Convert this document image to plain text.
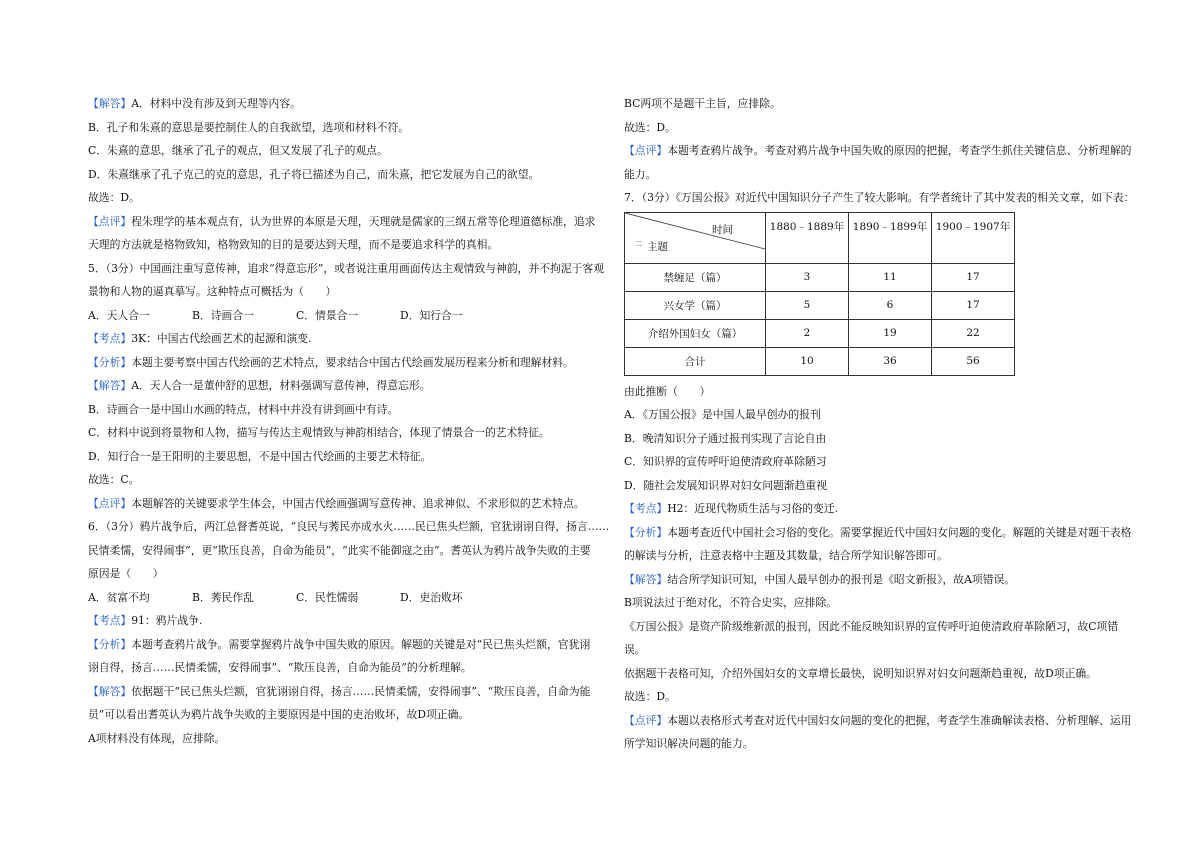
【解答】A．材料中没有涉及到天理等内容。
B．孔子和朱熹的意思是要控制住人的自我欲望，选项和材料不符。
C．朱熹的意思，继承了孔子的观点，但又发展了孔子的观点。
D．朱熹继承了孔子克己的克的意思，孔子将已描述为自己，而朱熹，把它发展为自己的欲望。
故选：D。
【点评】程朱理学的基本观点有，认为世界的本原是天理，天理就是儒家的三纲五常等伦理道德标准，追求
天理的方法就是格物致知，格物致知的目的是要达到天理，而不是要追求科学的真相。
5．（3分）中国画注重写意传神，追求“得意忘形”，或者说注重用画面传达主观情致与神韵，并不拘泥于客观
景物和人物的逼真摹写。这种特点可概括为（　　）
A．天人合一	B．诗画合一	C．情景合一	D．知行合一
【考点】3K：中国古代绘画艺术的起源和演变.
【分析】本题主要考察中国古代绘画的艺术特点，要求结合中国古代绘画发展历程来分析和理解材料。
【解答】A．天人合一是董仲舒的思想，材料强调写意传神，得意忘形。
B．诗画合一是中国山水画的特点，材料中并没有讲到画中有诗。
C．材料中说到将景物和人物，描写与传达主观情致与神韵相结合，体现了情景合一的艺术特征。
D．知行合一是王阳明的主要思想，不是中国古代绘画的主要艺术特征。
故选：C。
【点评】本题解答的关键要求学生体会，中国古代绘画强调写意传神、追求神似、不求形似的艺术特点。
6．（3分）鸦片战争后，两江总督耆英说，“良民与莠民亦成水火……民已焦头烂额，官犹诩诩自得，扬言……
民情柔懦，安得闹事”，更“欺压良善，自命为能员”，“此实不能御寇之由”。耆英认为鸦片战争失败的主要
原因是（　　）
A．贫富不均	B．莠民作乱	C．民性懦弱	D．吏治败坏
【考点】91：鸦片战争.
【分析】本题考查鸦片战争。需要掌握鸦片战争中国失败的原因。解题的关键是对“民已焦头烂额，官犹诩
诩自得，扬言……民情柔懦，安得闹事”、“欺压良善，自命为能员”的分析理解。
【解答】依据题干“民已焦头烂额，官犹诩诩自得，扬言……民情柔懦，安得闹事”、“欺压良善，自命为能
员”可以看出耆英认为鸦片战争失败的主要原因是中国的吏治败坏，故D项正确。
A项材料没有体现，应排除。
BC两项不是题干主旨，应排除。
故选：D。
【点评】本题考查鸦片战争。考查对鸦片战争中国失败的原因的把握，考查学生抓住关键信息、分析理解的
能力。
7．（3分）《万国公报》对近代中国知识分子产生了较大影响。有学者统计了其中发表的相关文章，如下表：
时间
二 主题	1880﹣1889年	1890﹣1899年	1900﹣1907年
禁缠足（篇）	3	11	17
兴女学（篇）	5	6	17
介绍外国妇女（篇）	2	19	22
合计	10	36	56
由此推断（　　）
A．《万国公报》是中国人最早创办的报刊
B．晚清知识分子通过报刊实现了言论自由
C．知识界的宣传呼吁迫使清政府革除陋习
D．随社会发展知识界对妇女问题渐趋重视
【考点】H2：近现代物质生活与习俗的变迁.
【分析】本题考查近代中国社会习俗的变化。需要掌握近代中国妇女问题的变化。解题的关键是对题干表格
的解读与分析，注意表格中主题及其数量，结合所学知识解答即可。
【解答】结合所学知识可知，中国人最早创办的报刊是《昭文新报》，故A项错误。
B项说法过于绝对化，不符合史实，应排除。
《万国公报》是资产阶级维新派的报刊，因此不能反映知识界的宣传呼吁迫使清政府革除陋习，故C项错
误。
依据题干表格可知，介绍外国妇女的文章增长最快，说明知识界对妇女问题渐趋重视，故D项正确。
故选：D。
【点评】本题以表格形式考查对近代中国妇女问题的变化的把握，考查学生准确解读表格、分析理解、运用
所学知识解决问题的能力。
